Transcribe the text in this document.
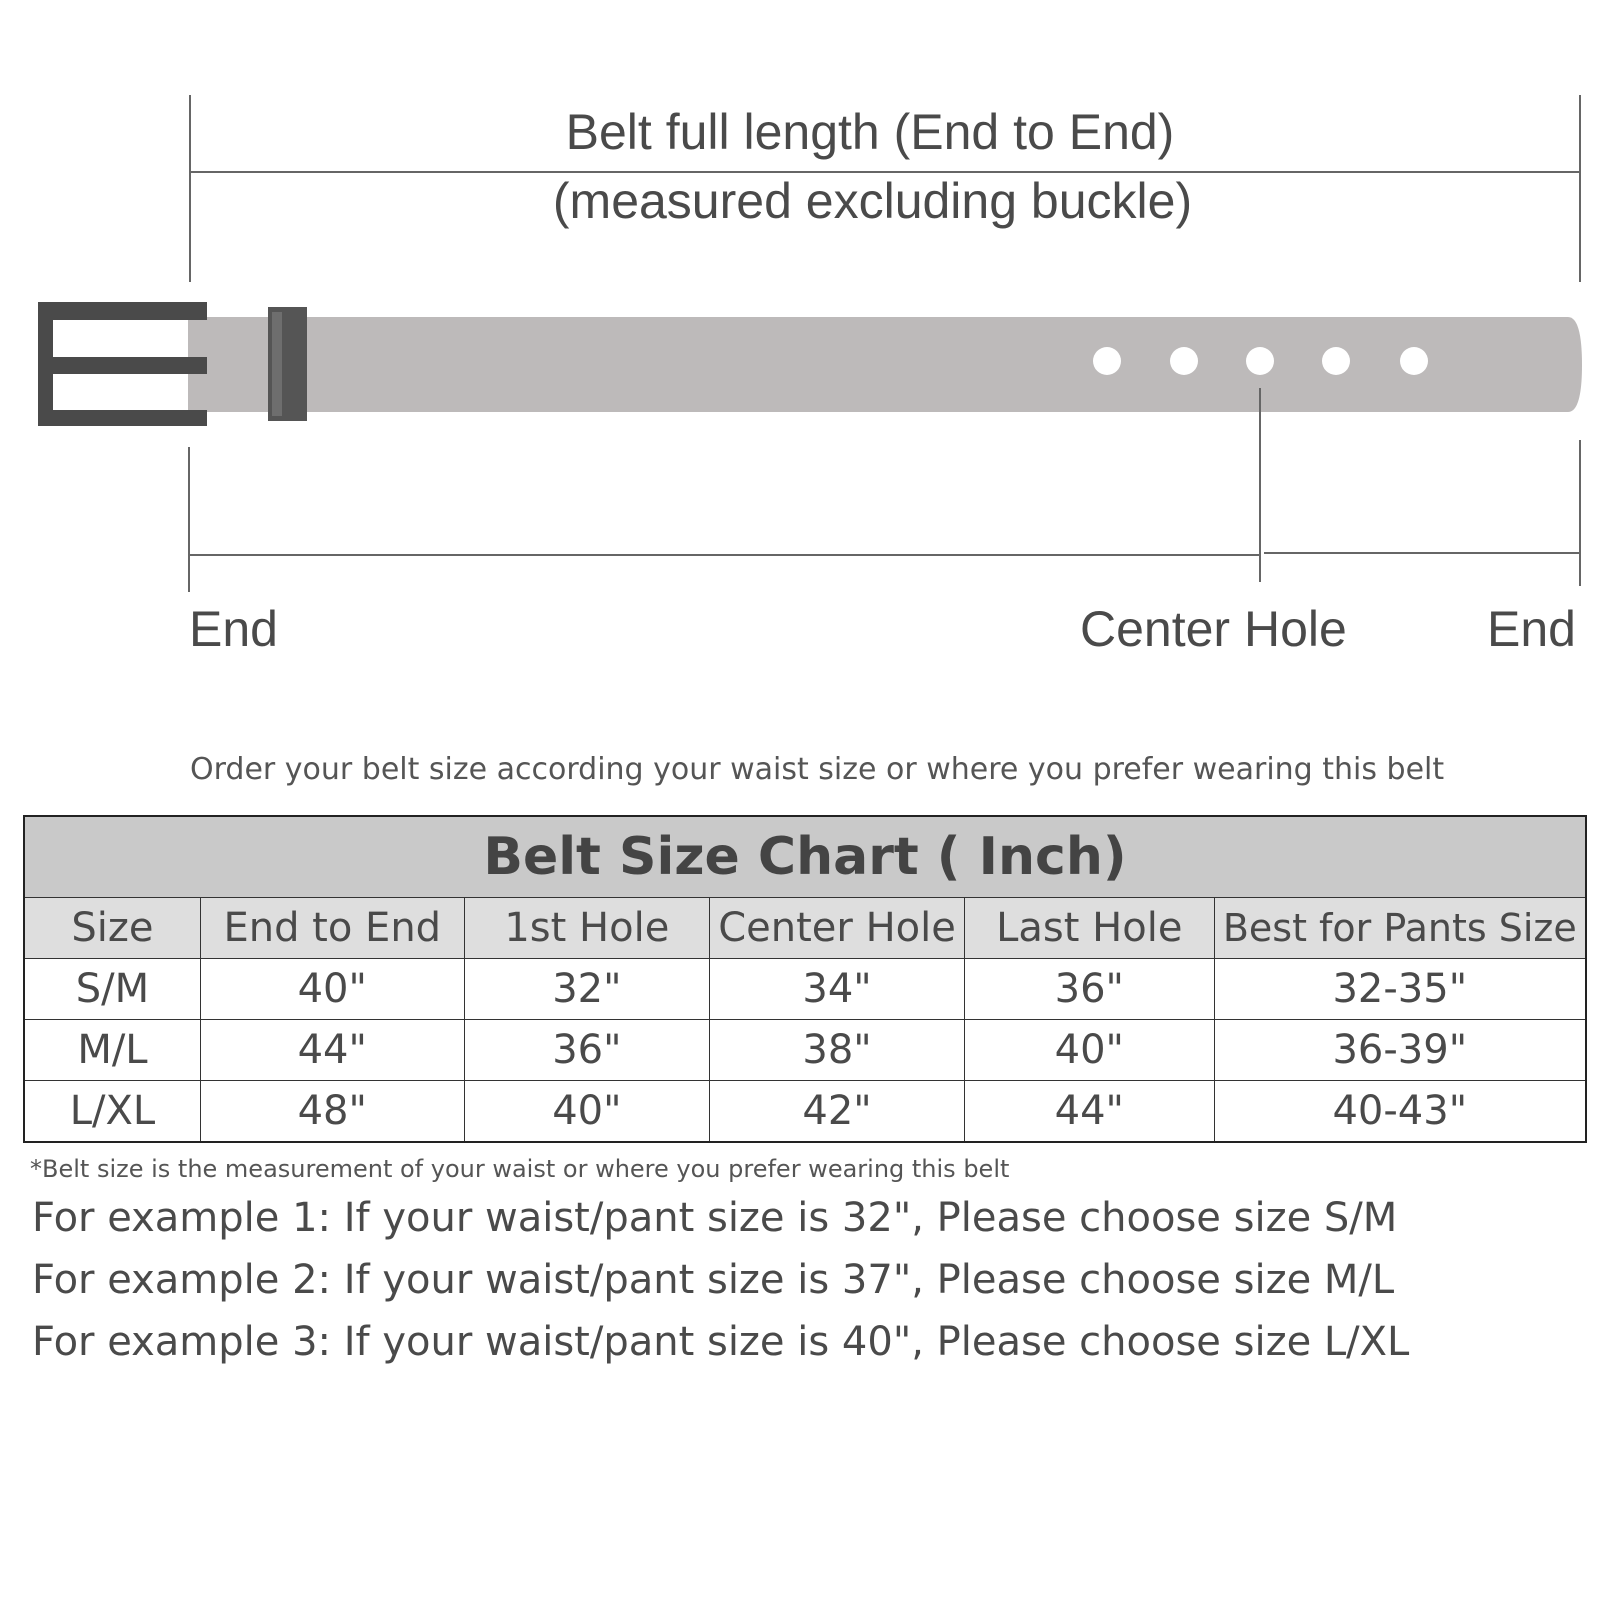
Belt full length (End to End)
(measured excluding buckle)
End	Center Hole	End
Order your belt size according your waist size or where you prefer wearing this belt
Belt Size Chart ( Inch)					
Size	End to End	1st Hole	Center Hole	Last Hole	Best for Pants Size
S/M	40"	32"	34"	36"	32-35"
M/L	44"	36"	38"	40"	36-39"
L/XL	48"	40"	42"	44"	40-43"
*Belt size is the measurement of your waist or where you prefer wearing this belt
For example 1: If your waist/pant size is 32", Please choose size S/M
For example 2: If your waist/pant size is 37", Please choose size M/L
For example 3: If your waist/pant size is 40", Please choose size L/XL
